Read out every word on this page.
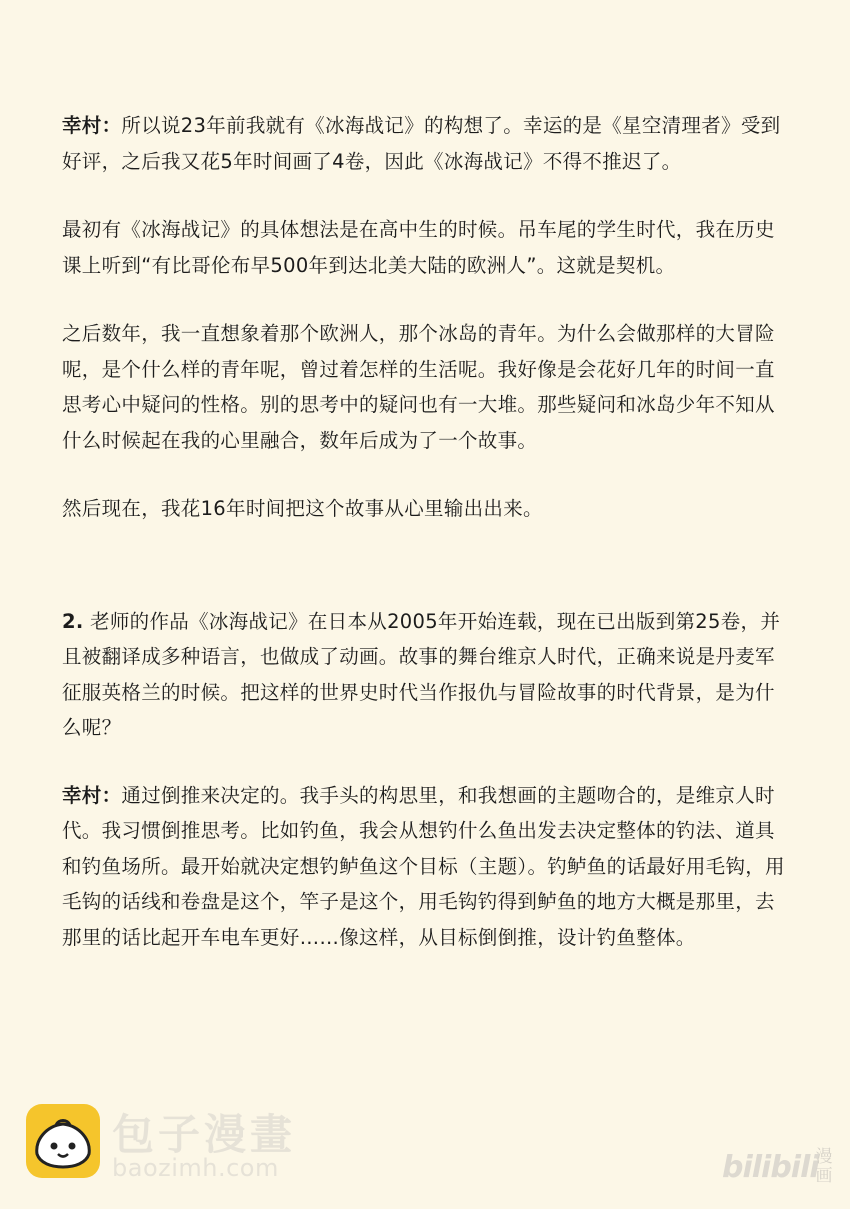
幸村：所以说23年前我就有《冰海战记》的构想了。幸运的是《星空清理者》受到好评，之后我又花5年时间画了4卷，因此《冰海战记》不得不推迟了。

最初有《冰海战记》的具体想法是在高中生的时候。吊车尾的学生时代，我在历史课上听到“有比哥伦布早500年到达北美大陆的欧洲人”。这就是契机。

之后数年，我一直想象着那个欧洲人，那个冰岛的青年。为什么会做那样的大冒险呢，是个什么样的青年呢，曾过着怎样的生活呢。我好像是会花好几年的时间一直思考心中疑问的性格。别的思考中的疑问也有一大堆。那些疑问和冰岛少年不知从什么时候起在我的心里融合，数年后成为了一个故事。

然后现在，我花16年时间把这个故事从心里输出出来。

2. 老师的作品《冰海战记》在日本从2005年开始连载，现在已出版到第25卷，并且被翻译成多种语言，也做成了动画。故事的舞台维京人时代，正确来说是丹麦军征服英格兰的时候。把这样的世界史时代当作报仇与冒险故事的时代背景，是为什么呢？

幸村：通过倒推来决定的。我手头的构思里，和我想画的主题吻合的，是维京人时代。我习惯倒推思考。比如钓鱼，我会从想钓什么鱼出发去决定整体的钓法、道具和钓鱼场所。最开始就决定想钓鲈鱼这个目标（主题）。钓鲈鱼的话最好用毛钩，用毛钩的话线和卷盘是这个，竿子是这个，用毛钩钓得到鲈鱼的地方大概是那里，去那里的话比起开车电车更好……像这样，从目标倒倒推，设计钓鱼整体。

包子漫畫
baozimh.com	bilibili
漫画
